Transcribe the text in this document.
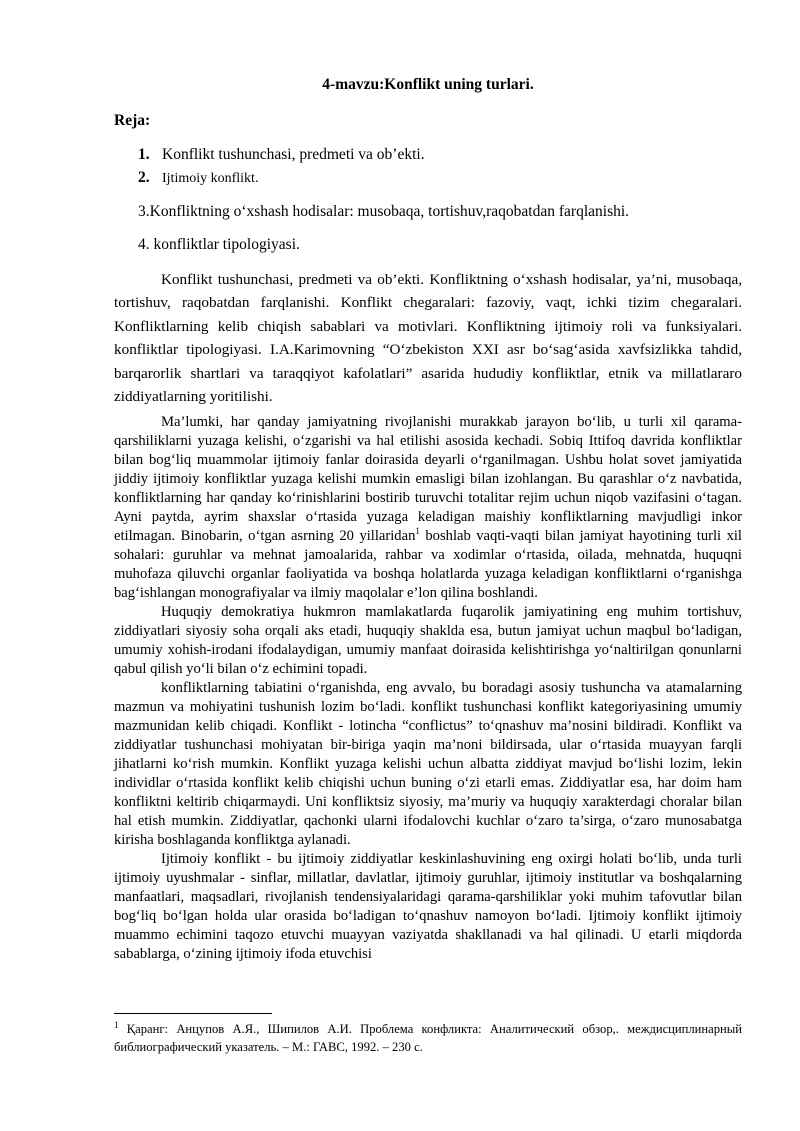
4-mavzu:Konflikt uning turlari.
Reja:
1. Konflikt tushunchasi, predmeti va ob’ekti.
2. Ijtimoiy konflikt.
3.Konfliktning o‘xshash hodisalar: musobaqa, tortishuv,raqobatdan farqlanishi.
4. konfliktlar tipologiyasi.

Konflikt tushunchasi, predmeti va ob’ekti. Konfliktning o‘xshash hodisalar, ya’ni, musobaqa, tortishuv, raqobatdan farqlanishi. Konflikt chegaralari: fazoviy, vaqt, ichki tizim chegaralari. Konfliktlarning kelib chiqish sabablari va motivlari. Konfliktning ijtimoiy roli va funksiyalari. konfliktlar tipologiyasi. I.A.Karimovning “O‘zbekiston XXI asr bo‘sag‘asida xavfsizlikka tahdid, barqarorlik shartlari va taraqqiyot kafolatlari” asarida hududiy konfliktlar, etnik va millatlararo ziddiyatlarning yoritilishi.

Ma’lumki, har qanday jamiyatning rivojlanishi murakkab jarayon bo‘lib, u turli xil qarama-qarshiliklarni yuzaga kelishi, o‘zgarishi va hal etilishi asosida kechadi. Sobiq Ittifoq davrida konfliktlar bilan bog‘liq muammolar ijtimoiy fanlar doirasida deyarli o‘rganilmagan. Ushbu holat sovet jamiyatida jiddiy ijtimoiy konfliktlar yuzaga kelishi mumkin emasligi bilan izohlangan. Bu qarashlar o‘z navbatida, konfliktlarning har qanday ko‘rinishlarini bostirib turuvchi totalitar rejim uchun niqob vazifasini o‘tagan. Ayni paytda, ayrim shaxslar o‘rtasida yuzaga keladigan maishiy konfliktlarning mavjudligi inkor etilmagan. Binobarin, o‘tgan asrning 20 yillaridan$^1$ boshlab vaqti-vaqti bilan jamiyat hayotining turli xil sohalari: guruhlar va mehnat jamoalarida, rahbar va xodimlar o‘rtasida, oilada, mehnatda, huquqni muhofaza qiluvchi organlar faoliyatida va boshqa holatlarda yuzaga keladigan konfliktlarni o‘rganishga bag‘ishlangan monografiyalar va ilmiy maqolalar e’lon qilina boshlandi.

Huquqiy demokratiya hukmron mamlakatlarda fuqarolik jamiyatining eng muhim tortishuv, ziddiyatlari siyosiy soha orqali aks etadi, huquqiy shaklda esa, butun jamiyat uchun maqbul bo‘ladigan, umumiy xohish-irodani ifodalaydigan, umumiy manfaat doirasida kelishtirishga yo‘naltirilgan qonunlarni qabul qilish yo‘li bilan o‘z echimini topadi.

konfliktlarning tabiatini o‘rganishda, eng avvalo, bu boradagi asosiy tushuncha va atamalarning mazmun va mohiyatini tushunish lozim bo‘ladi. konflikt tushunchasi konflikt kategoriyasining umumiy mazmunidan kelib chiqadi. Konflikt - lotincha “conflictus” to‘qnashuv ma’nosini bildiradi. Konflikt va ziddiyatlar tushunchasi mohiyatan bir-biriga yaqin ma’noni bildirsada, ular o‘rtasida muayyan farqli jihatlarni ko‘rish mumkin. Konflikt yuzaga kelishi uchun albatta ziddiyat mavjud bo‘lishi lozim, lekin individlar o‘rtasida konflikt kelib chiqishi uchun buning o‘zi etarli emas. Ziddiyatlar esa, har doim ham konfliktni keltirib chiqarmaydi. Uni konfliktsiz siyosiy, ma’muriy va huquqiy xarakterdagi choralar bilan hal etish mumkin. Ziddiyatlar, qachonki ularni ifodalovchi kuchlar o‘zaro ta’sirga, o‘zaro munosabatga kirisha boshlaganda konfliktga aylanadi.

Ijtimoiy konflikt - bu ijtimoiy ziddiyatlar keskinlashuvining eng oxirgi holati bo‘lib, unda turli ijtimoiy uyushmalar - sinflar, millatlar, davlatlar, ijtimoiy guruhlar, ijtimoiy institutlar va boshqalarning manfaatlari, maqsadlari, rivojlanish tendensiyalaridagi qarama-qarshiliklar yoki muhim tafovutlar bilan bog‘liq bo‘lgan holda ular orasida bo‘ladigan to‘qnashuv namoyon bo‘ladi. Ijtimoiy konflikt ijtimoiy muammo echimini taqozo etuvchi muayyan vaziyatda shakllanadi va hal qilinadi. U etarli miqdorda sabablarga, o‘zining ijtimoiy ifoda etuvchisi

$^1$ Қаранг: Анцупов А.Я., Шипилов А.И. Проблема конфликта: Аналитический обзор,. междисциплинарный библиографический указатель. – М.: ГАВС, 1992. – 230 с.
